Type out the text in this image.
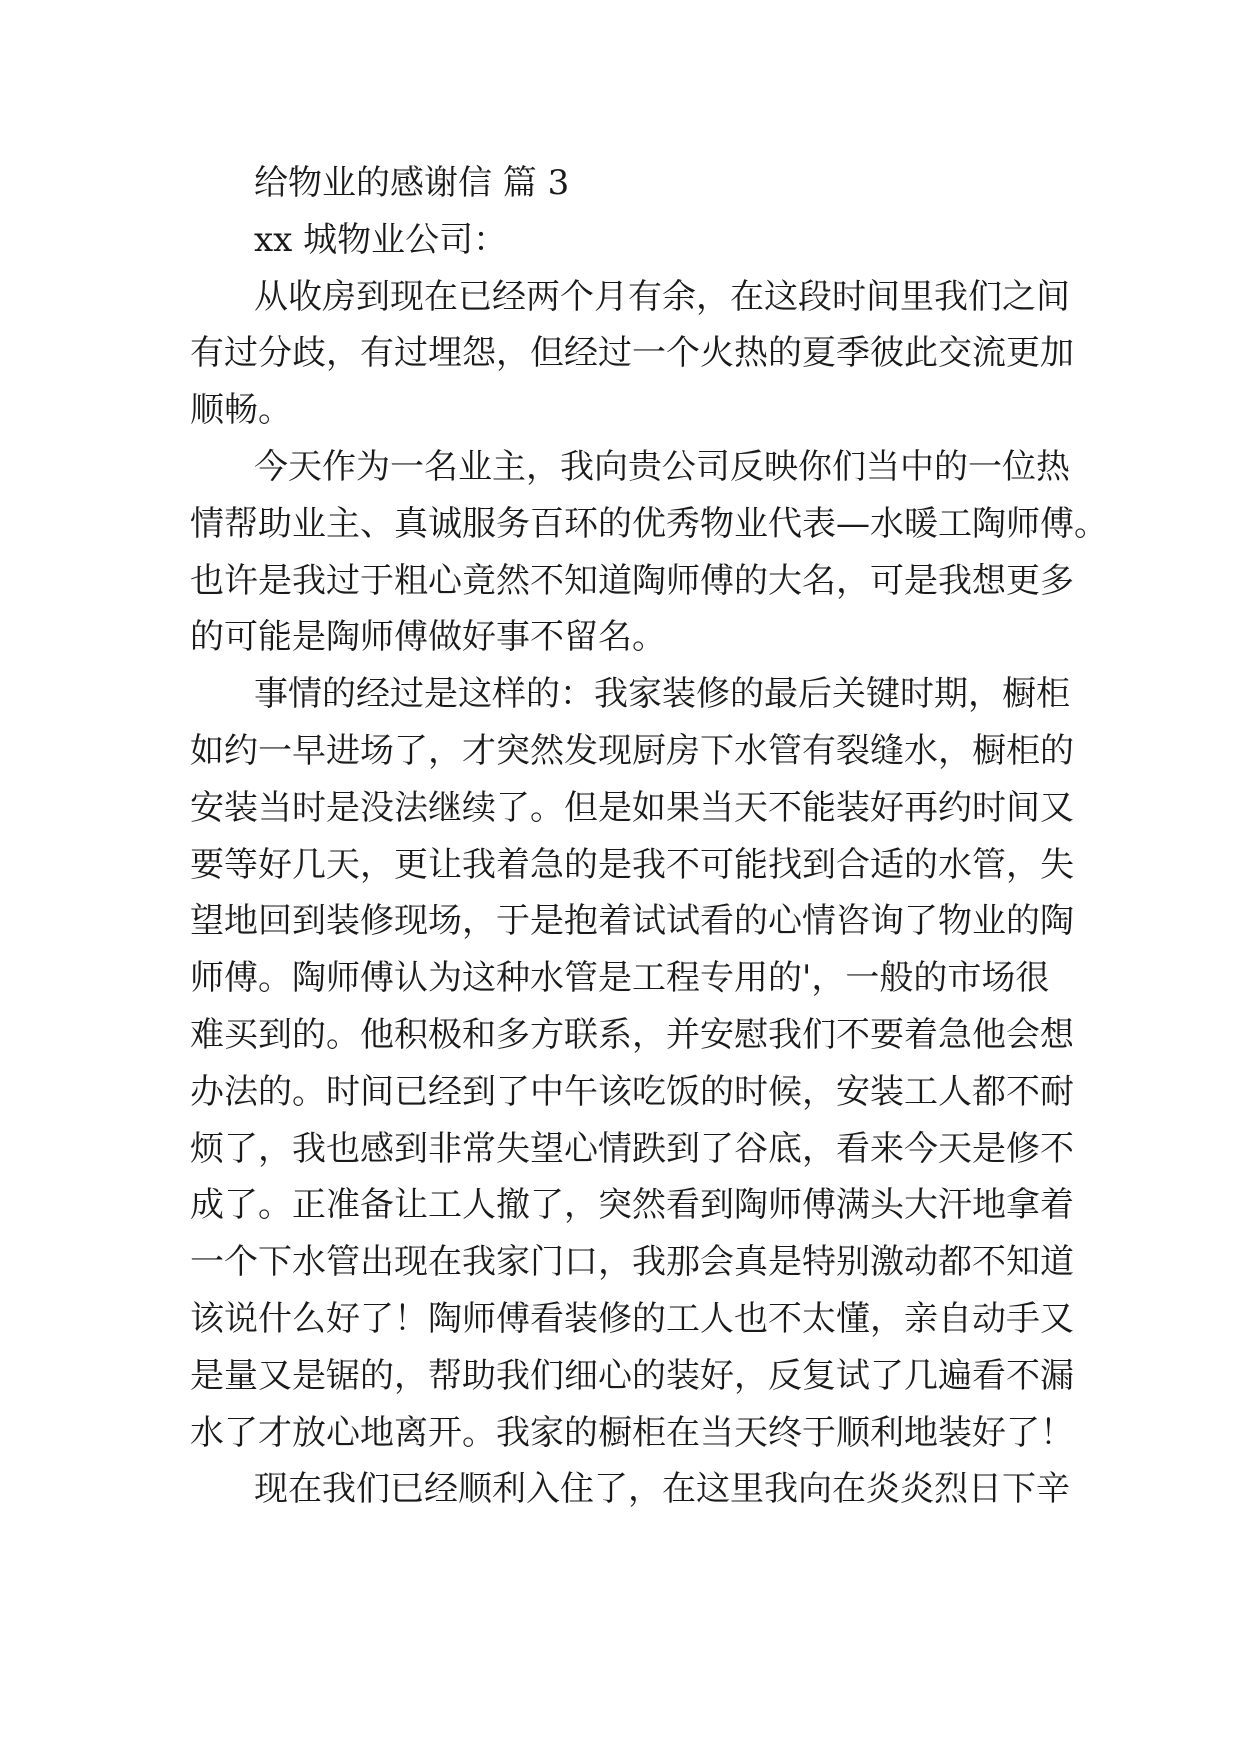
给物业的感谢信 篇 3
xx 城物业公司：
从收房到现在已经两个月有余，在这段时间里我们之间
有过分歧，有过埋怨，但经过一个火热的夏季彼此交流更加
顺畅。
今天作为一名业主，我向贵公司反映你们当中的一位热
情帮助业主、真诚服务百环的优秀物业代表—水暖工陶师傅。
也许是我过于粗心竟然不知道陶师傅的大名，可是我想更多
的可能是陶师傅做好事不留名。
事情的经过是这样的：我家装修的最后关键时期，橱柜
如约一早进场了，才突然发现厨房下水管有裂缝水，橱柜的
安装当时是没法继续了。但是如果当天不能装好再约时间又
要等好几天，更让我着急的是我不可能找到合适的水管，失
望地回到装修现场，于是抱着试试看的心情咨询了物业的陶
师傅。陶师傅认为这种水管是工程专用的'，一般的市场很
难买到的。他积极和多方联系，并安慰我们不要着急他会想
办法的。时间已经到了中午该吃饭的时候，安装工人都不耐
烦了，我也感到非常失望心情跌到了谷底，看来今天是修不
成了。正准备让工人撤了，突然看到陶师傅满头大汗地拿着
一个下水管出现在我家门口，我那会真是特别激动都不知道
该说什么好了！陶师傅看装修的工人也不太懂，亲自动手又
是量又是锯的，帮助我们细心的装好，反复试了几遍看不漏
水了才放心地离开。我家的橱柜在当天终于顺利地装好了！
现在我们已经顺利入住了，在这里我向在炎炎烈日下辛
